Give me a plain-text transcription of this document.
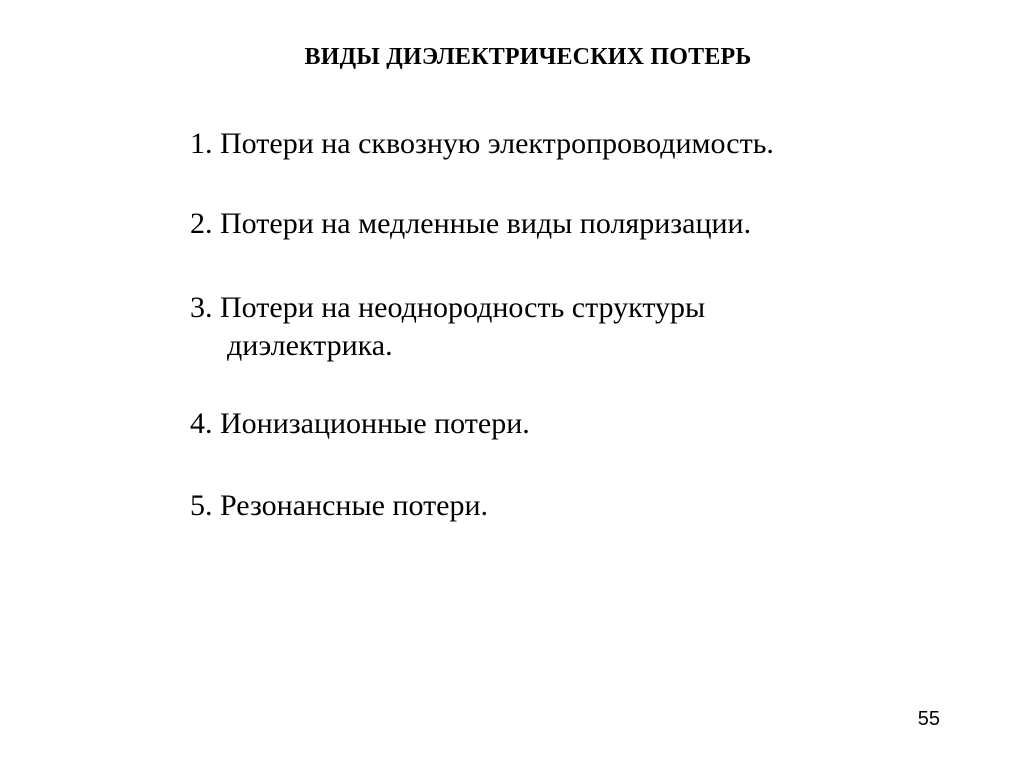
ВИДЫ ДИЭЛЕКТРИЧЕСКИХ ПОТЕРЬ
1. Потери на сквозную электропроводимость.
2. Потери на медленные виды поляризации.
3. Потери на неоднородность структуры
диэлектрика.
4. Ионизационные потери.
5. Резонансные потери.
55
